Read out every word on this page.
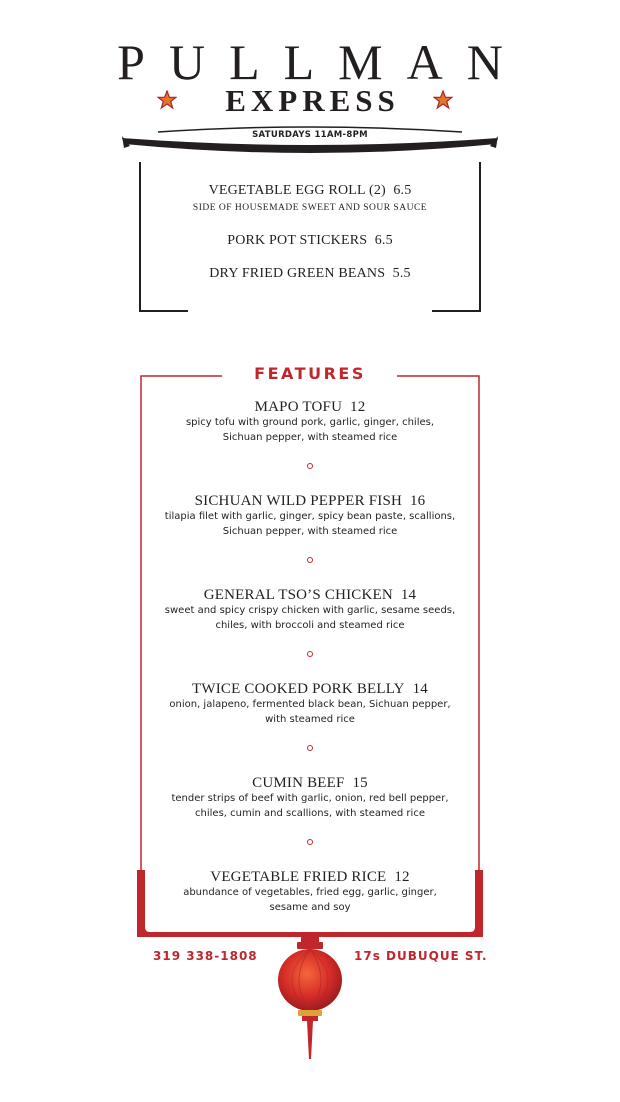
PULLMAN
EXPRESS
SATURDAYS 11AM-8PM
VEGETABLE EGG ROLL (2) 6.5
SIDE OF HOUSEMADE SWEET AND SOUR SAUCE
PORK POT STICKERS 6.5
DRY FRIED GREEN BEANS 5.5
FEATURES
MAPO TOFU 12
spicy tofu with ground pork, garlic, ginger, chiles,
Sichuan pepper, with steamed rice
SICHUAN WILD PEPPER FISH 16
tilapia filet with garlic, ginger, spicy bean paste, scallions,
Sichuan pepper, with steamed rice
GENERAL TSO’S CHICKEN 14
sweet and spicy crispy chicken with garlic, sesame seeds,
chiles, with broccoli and steamed rice
TWICE COOKED PORK BELLY 14
onion, jalapeno, fermented black bean, Sichuan pepper,
with steamed rice
CUMIN BEEF 15
tender strips of beef with garlic, onion, red bell pepper,
chiles, cumin and scallions, with steamed rice
VEGETABLE FRIED RICE 12
abundance of vegetables, fried egg, garlic, ginger,
sesame and soy
319 338-1808	17s DUBUQUE ST.
